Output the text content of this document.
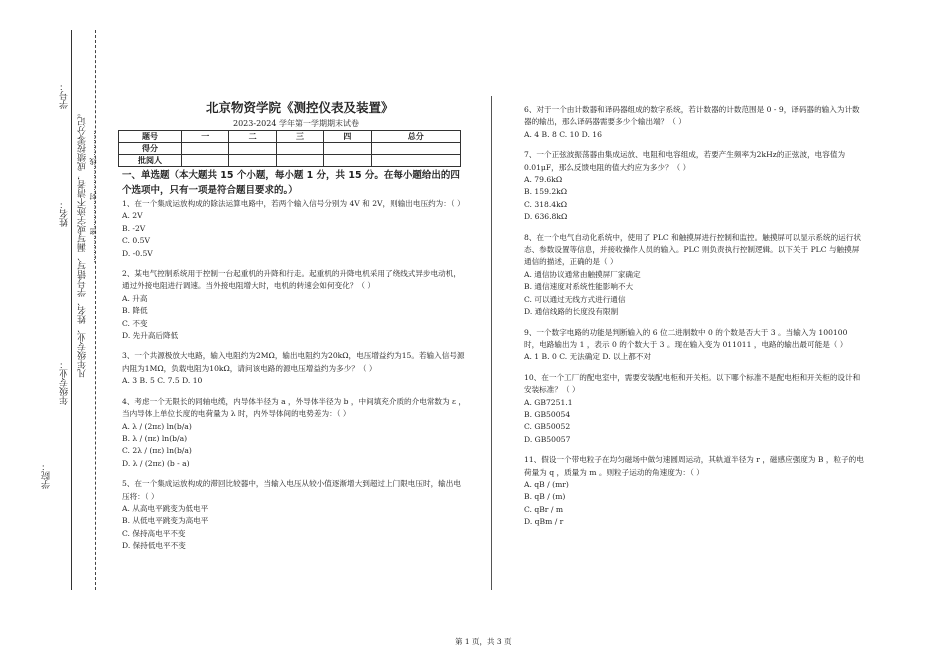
学号：
姓名：
年级专业：
学院：
凡年级专业、姓名、学号错写、漏写或字迹不清者，成绩按零分记。 …………密…………封…………线…………
北京物资学院《测控仪表及装置》
2023-2024 学年第一学期期末试卷
题号	一	二	三	四	总分
得分					
批阅人					

一、单选题（本大题共 15 个小题，每小题 1 分，共 15 分。在每小题给出的四个选项中，只有一项是符合题目要求的。）

1、在一个集成运放构成的除法运算电路中，若两个输入信号分别为 4V 和 2V，则输出电压约为：（ ）

A. 2V

B. -2V

C. 0.5V

D. -0.5V

2、某电气控制系统用于控制一台起重机的升降和行走。起重机的升降电机采用了绕线式异步电动机，通过外接电阻进行调速。当外接电阻增大时，电机的转速会如何变化？（ ）

A. 升高

B. 降低

C. 不变

D. 先升高后降低

3、一个共源极放大电路，输入电阻约为2MΩ，输出电阻约为20kΩ，电压增益约为15。若输入信号源内阻为1MΩ，负载电阻为10kΩ，请问该电路的源电压增益约为多少？（ ）

A. 3 B. 5 C. 7.5 D. 10

4、考虑一个无限长的同轴电缆，内导体半径为 a ，外导体半径为 b ，中间填充介质的介电常数为 ε ，当内导体上单位长度的电荷量为 λ 时，内外导体间的电势差为：（ ）

A. λ / (2πε) ln(b/a)

B. λ / (πε) ln(b/a)

C. 2λ / (πε) ln(b/a)

D. λ / (2πε) (b - a)

5、在一个集成运放构成的滞回比较器中，当输入电压从较小值逐渐增大到超过上门限电压时，输出电压将：（ ）

A. 从高电平跳变为低电平

B. 从低电平跳变为高电平

C. 保持高电平不变

D. 保持低电平不变

6、对于一个由计数器和译码器组成的数字系统，若计数器的计数范围是 0 - 9，译码器的输入为计数器的输出，那么译码器需要多少个输出端？（ ）

A. 4 B. 8 C. 10 D. 16

7、一个正弦波振荡器由集成运放、电阻和电容组成，若要产生频率为2kHz的正弦波，电容值为0.01μF，那么反馈电阻的值大约应为多少？（ ）

A. 79.6kΩ

B. 159.2kΩ

C. 318.4kΩ

D. 636.8kΩ

8、在一个电气自动化系统中，使用了 PLC 和触摸屏进行控制和监控。触摸屏可以显示系统的运行状态、参数设置等信息，并接收操作人员的输入。PLC 则负责执行控制逻辑。以下关于 PLC 与触摸屏通信的描述，正确的是（ ）

A. 通信协议通常由触摸屏厂家确定

B. 通信速度对系统性能影响不大

C. 可以通过无线方式进行通信

D. 通信线路的长度没有限制

9、一个数字电路的功能是判断输入的 6 位二进制数中 0 的个数是否大于 3 。当输入为 100100 时，电路输出为 1 ，表示 0 的个数大于 3 。现在输入变为 011011 ，电路的输出最可能是（ ）

A. 1 B. 0 C. 无法确定 D. 以上都不对

10、在一个工厂的配电室中，需要安装配电柜和开关柜。以下哪个标准不是配电柜和开关柜的设计和安装标准？（ ）

A. GB7251.1

B. GB50054

C. GB50052

D. GB50057

11、假设一个带电粒子在均匀磁场中做匀速圆周运动，其轨道半径为 r ，磁感应强度为 B ，粒子的电荷量为 q ，质量为 m 。则粒子运动的角速度为：（ ）

A. qB / (mr)

B. qB / (m)

C. qBr / m

D. qBm / r

第 1 页，共 3 页
